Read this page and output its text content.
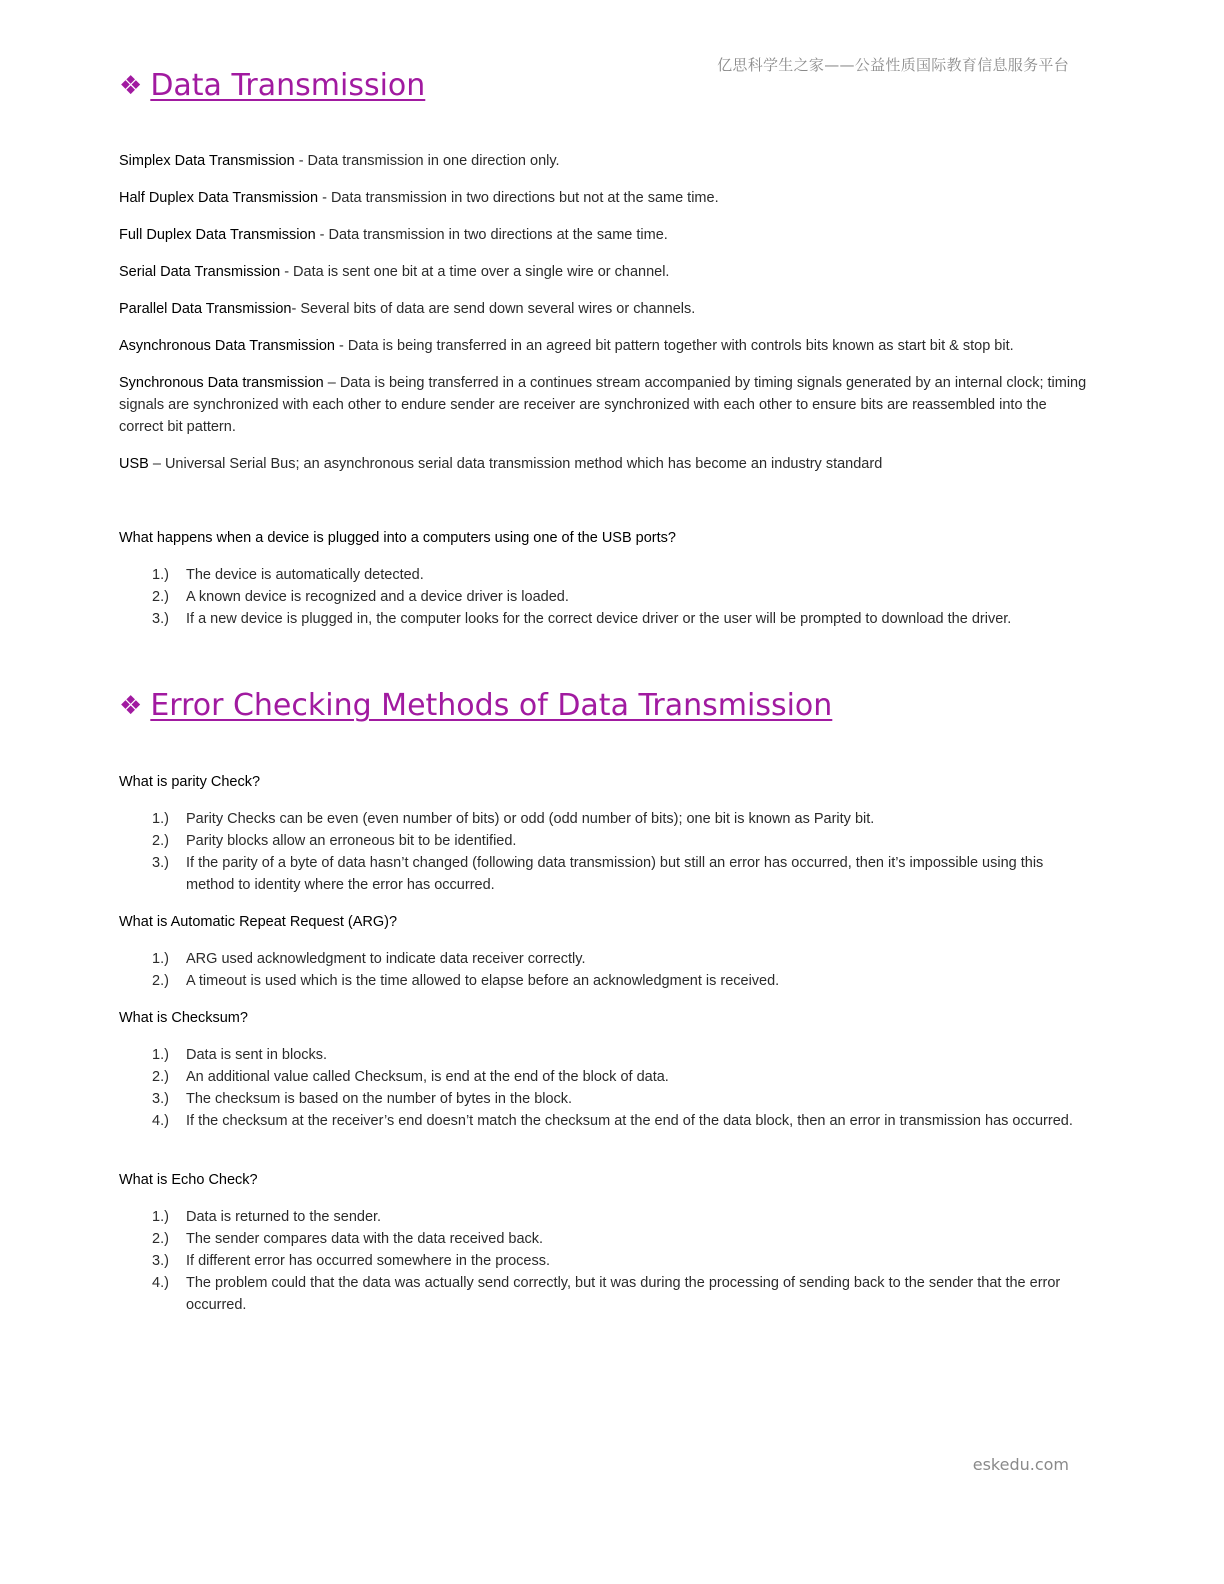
亿思科学生之家——公益性质国际教育信息服务平台
❖ Data Transmission
Simplex Data Transmission - Data transmission in one direction only.
Half Duplex Data Transmission - Data transmission in two directions but not at the same time.
Full Duplex Data Transmission - Data transmission in two directions at the same time.
Serial Data Transmission - Data is sent one bit at a time over a single wire or channel.
Parallel Data Transmission- Several bits of data are send down several wires or channels.
Asynchronous Data Transmission - Data is being transferred in an agreed bit pattern together with controls bits known as start bit & stop bit.
Synchronous Data transmission – Data is being transferred in a continues stream accompanied by timing signals generated by an internal clock; timing signals are synchronized with each other to endure sender are receiver are synchronized with each other to ensure bits are reassembled into the correct bit pattern.
USB – Universal Serial Bus; an asynchronous serial data transmission method which has become an industry standard
What happens when a device is plugged into a computers using one of the USB ports?
1.) The device is automatically detected.
2.) A known device is recognized and a device driver is loaded.
3.) If a new device is plugged in, the computer looks for the correct device driver or the user will be prompted to download the driver.
❖ Error Checking Methods of Data Transmission
What is parity Check?
1.) Parity Checks can be even (even number of bits) or odd (odd number of bits); one bit is known as Parity bit.
2.) Parity blocks allow an erroneous bit to be identified.
3.) If the parity of a byte of data hasn’t changed (following data transmission) but still an error has occurred, then it’s impossible using this method to identity where the error has occurred.
What is Automatic Repeat Request (ARG)?
1.) ARG used acknowledgment to indicate data receiver correctly.
2.) A timeout is used which is the time allowed to elapse before an acknowledgment is received.
What is Checksum?
1.) Data is sent in blocks.
2.) An additional value called Checksum, is end at the end of the block of data.
3.) The checksum is based on the number of bytes in the block.
4.) If the checksum at the receiver’s end doesn’t match the checksum at the end of the data block, then an error in transmission has occurred.
What is Echo Check?
1.) Data is returned to the sender.
2.) The sender compares data with the data received back.
3.) If different error has occurred somewhere in the process.
4.) The problem could that the data was actually send correctly, but it was during the processing of sending back to the sender that the error occurred.
eskedu.com
